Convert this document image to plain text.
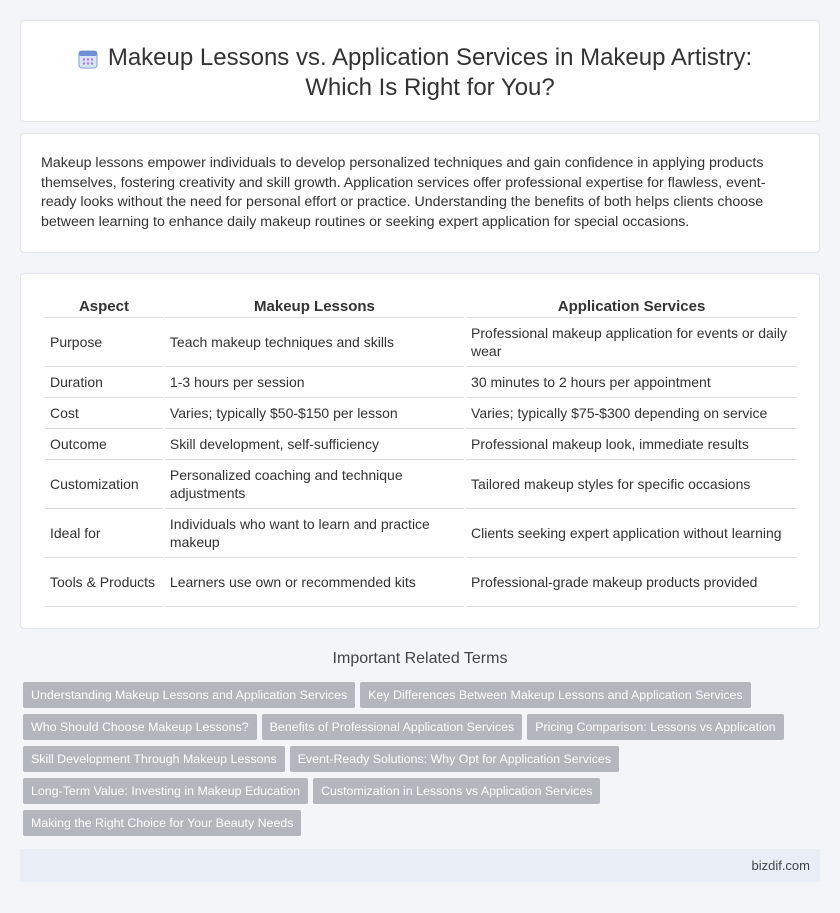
Makeup Lessons vs. Application Services in Makeup Artistry: Which Is Right for You?

Makeup lessons empower individuals to develop personalized techniques and gain confidence in applying products themselves, fostering creativity and skill growth. Application services offer professional expertise for flawless, event-ready looks without the need for personal effort or practice. Understanding the benefits of both helps clients choose between learning to enhance daily makeup routines or seeking expert application for special occasions.

Aspect	Makeup Lessons	Application Services
Purpose	Teach makeup techniques and skills	Professional makeup application for events or daily wear
Duration	1-3 hours per session	30 minutes to 2 hours per appointment
Cost	Varies; typically $50-$150 per lesson	Varies; typically $75-$300 depending on service
Outcome	Skill development, self-sufficiency	Professional makeup look, immediate results
Customization	Personalized coaching and technique adjustments	Tailored makeup styles for specific occasions
Ideal for	Individuals who want to learn and practice makeup	Clients seeking expert application without learning
Tools & Products	Learners use own or recommended kits	Professional-grade makeup products provided
Important Related Terms
Understanding Makeup Lessons and Application Services Key Differences Between Makeup Lessons and Application Services
Who Should Choose Makeup Lessons? Benefits of Professional Application Services Pricing Comparison: Lessons vs Application
Skill Development Through Makeup Lessons Event-Ready Solutions: Why Opt for Application Services
Long-Term Value: Investing in Makeup Education Customization in Lessons vs Application Services
Making the Right Choice for Your Beauty Needs
bizdif.com
